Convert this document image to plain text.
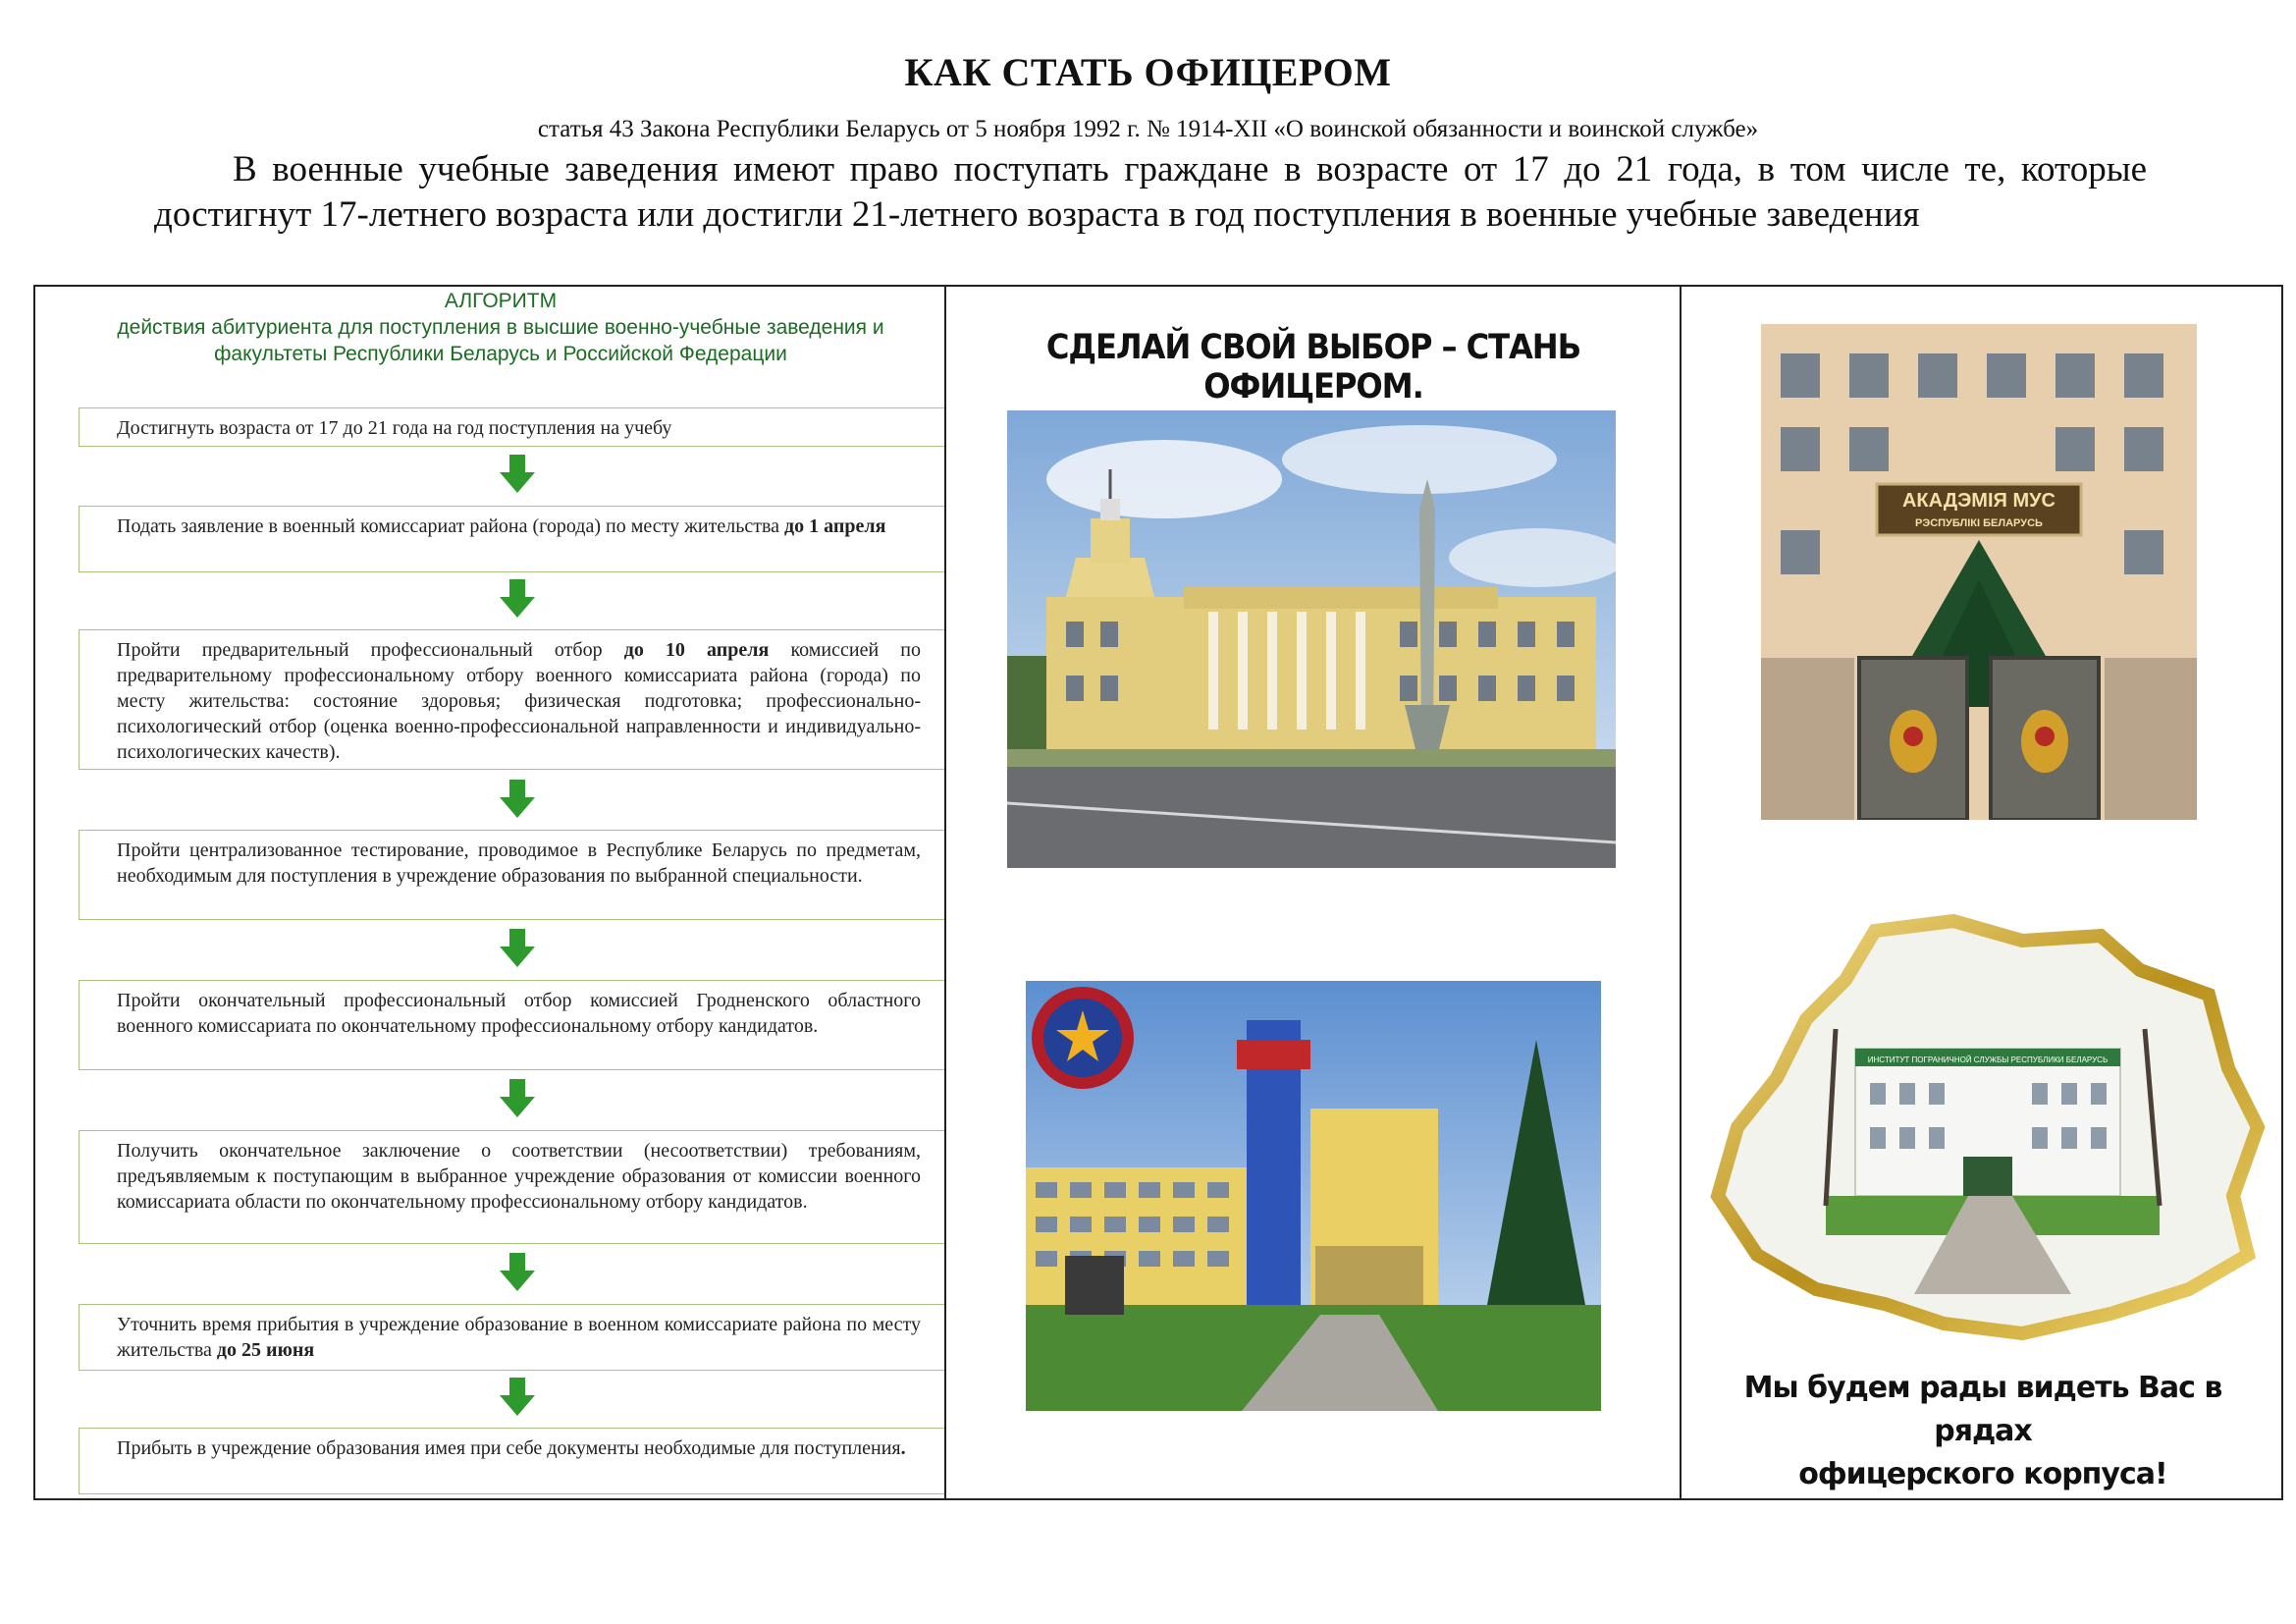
КАК СТАТЬ ОФИЦЕРОМ
статья 43 Закона Республики Беларусь от 5 ноября 1992 г. № 1914-XII «О воинской обязанности и воинской службе»
В военные учебные заведения имеют право поступать граждане в возрасте от 17 до 21 года, в том числе те, которые достигнут 17-летнего возраста или достигли 21-летнего возраста в год поступления в военные учебные заведения
АЛГОРИТМ
действия абитуриента для поступления в высшие военно-учебные заведения и факультеты Республики Беларусь и Российской Федерации
Достигнуть возраста от 17 до 21 года на год поступления на учебу
Подать заявление в военный комиссариат района (города) по месту жительства до 1 апреля
Пройти предварительный профессиональный отбор до 10 апреля комиссией по предварительному профессиональному отбору военного комиссариата района (города) по месту жительства: состояние здоровья; физическая подготовка; профессионально-психологический отбор (оценка военно-профессиональной направленности и индивидуально-психологических качеств).
Пройти централизованное тестирование, проводимое в Республике Беларусь по предметам, необходимым для поступления в учреждение образования по выбранной специальности.
Пройти окончательный профессиональный отбор комиссией Гродненского областного военного комиссариата по окончательному профессиональному отбору кандидатов.
Получить окончательное заключение о соответствии (несоответствии) требованиям, предъявляемым к поступающим в выбранное учреждение образования от комиссии военного комиссариата области по окончательному профессиональному отбору кандидатов.
Уточнить время прибытия в учреждение образование в военном комиссариате района по месту жительства до 25 июня
Прибыть в учреждение образования имея при себе документы необходимые для поступления.
СДЕЛАЙ СВОЙ ВЫБОР – СТАНЬ ОФИЦЕРОМ.
АКАДЭМІЯ МУС
РЭСПУБЛІКІ БЕЛАРУСЬ
ИНСТИТУТ ПОГРАНИЧНОЙ СЛУЖБЫ РЕСПУБЛИКИ БЕЛАРУСЬ
Мы будем рады видеть Вас в рядах
офицерского корпуса!
